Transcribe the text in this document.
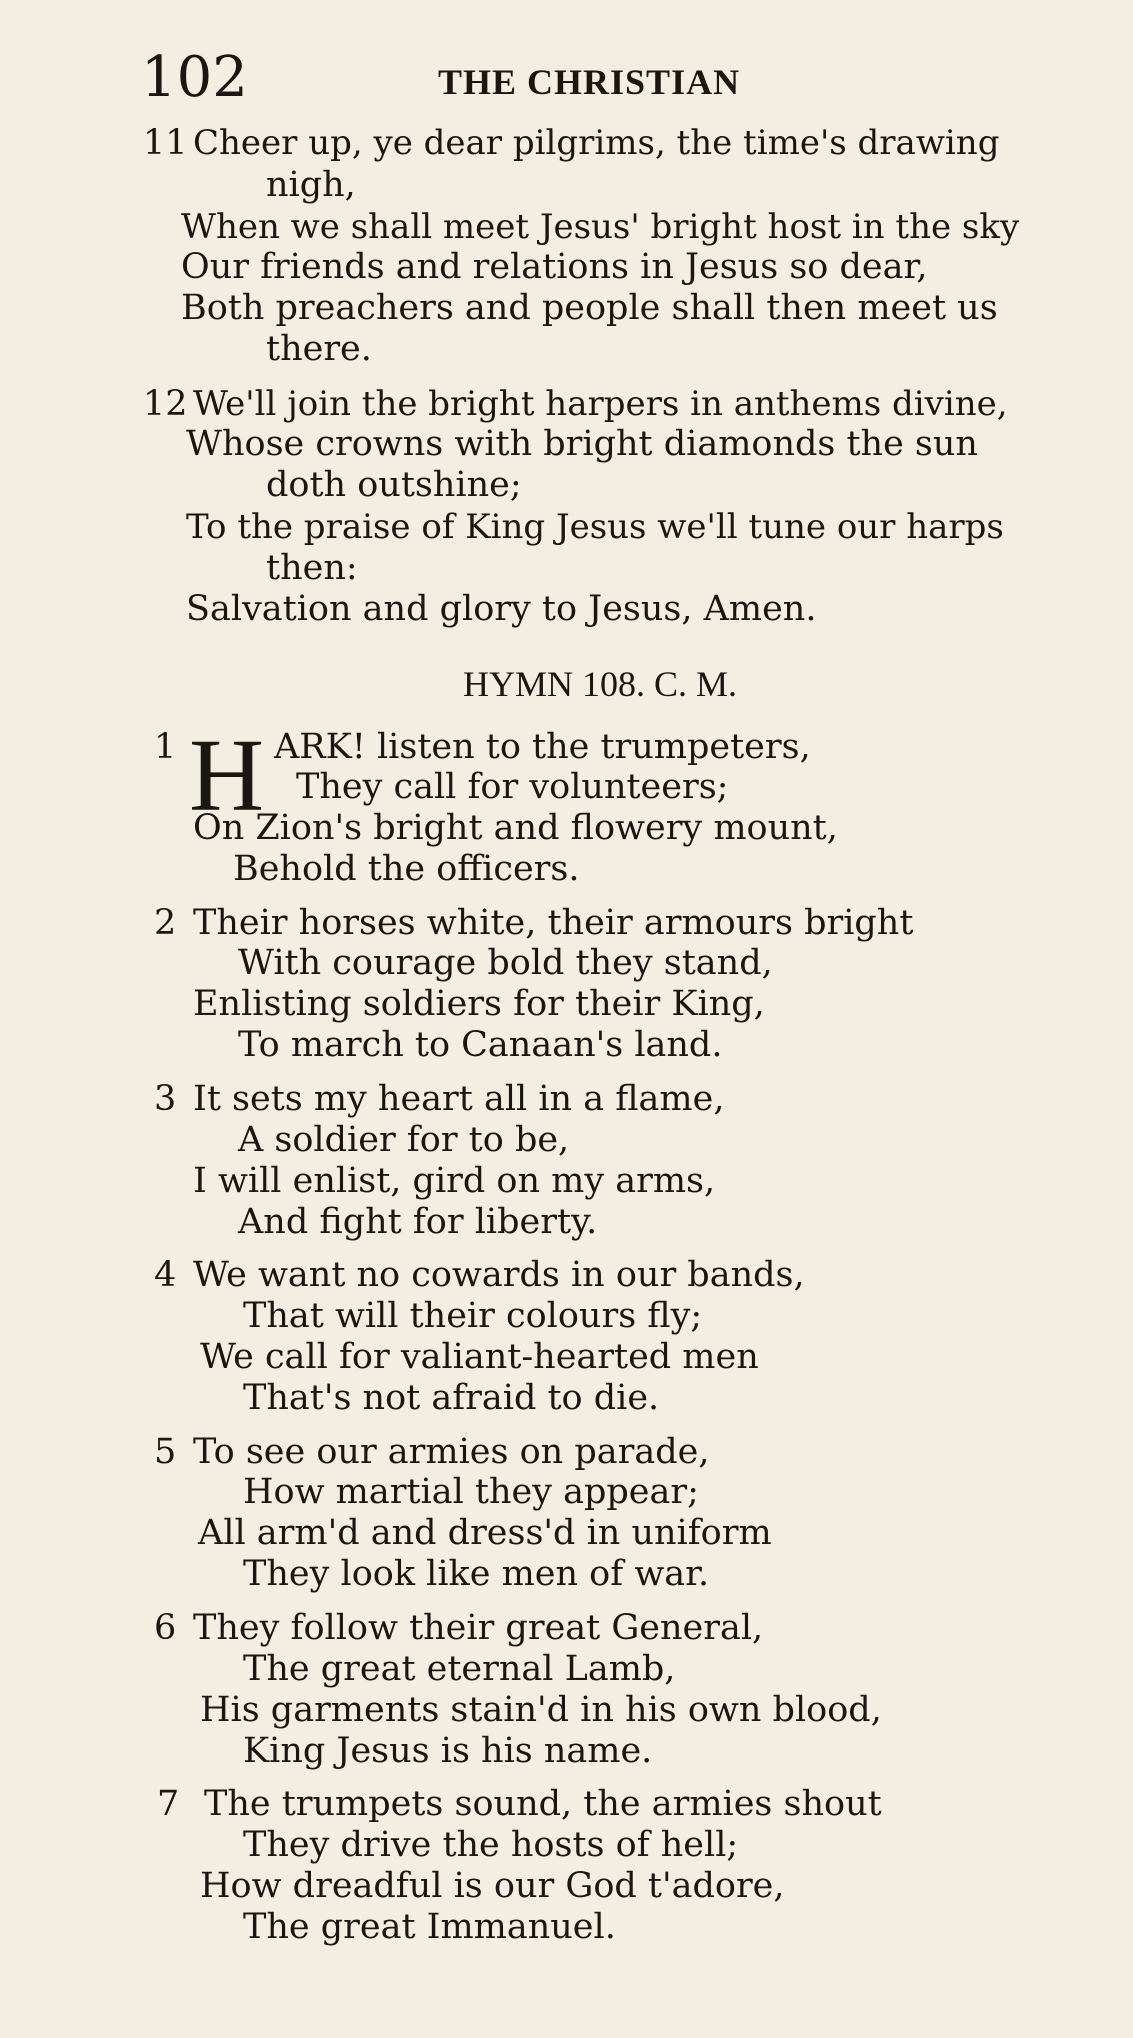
102	THE CHRISTIAN
11 Cheer up, ye dear pilgrims, the time's drawing
nigh,
When we shall meet Jesus' bright host in the sky
Our friends and relations in Jesus so dear,
Both preachers and people shall then meet us
there.
12 We'll join the bright harpers in anthems divine,
Whose crowns with bright diamonds the sun
doth outshine;
To the praise of King Jesus we'll tune our harps
then:
Salvation and glory to Jesus, Amen.
HYMN 108. C. M.
1 H ARK! listen to the trumpeters,
They call for volunteers;
On Zion's bright and flowery mount,
Behold the officers.
2 Their horses white, their armours bright
With courage bold they stand,
Enlisting soldiers for their King,
To march to Canaan's land.
3 It sets my heart all in a flame,
A soldier for to be,
I will enlist, gird on my arms,
And fight for liberty.
4 We want no cowards in our bands,
That will their colours fly;
We call for valiant-hearted men
That's not afraid to die.
5 To see our armies on parade,
How martial they appear;
All arm'd and dress'd in uniform
They look like men of war.
6 They follow their great General,
The great eternal Lamb,
His garments stain'd in his own blood,
King Jesus is his name.
7 The trumpets sound, the armies shout
They drive the hosts of hell;
How dreadful is our God t'adore,
The great Immanuel.
